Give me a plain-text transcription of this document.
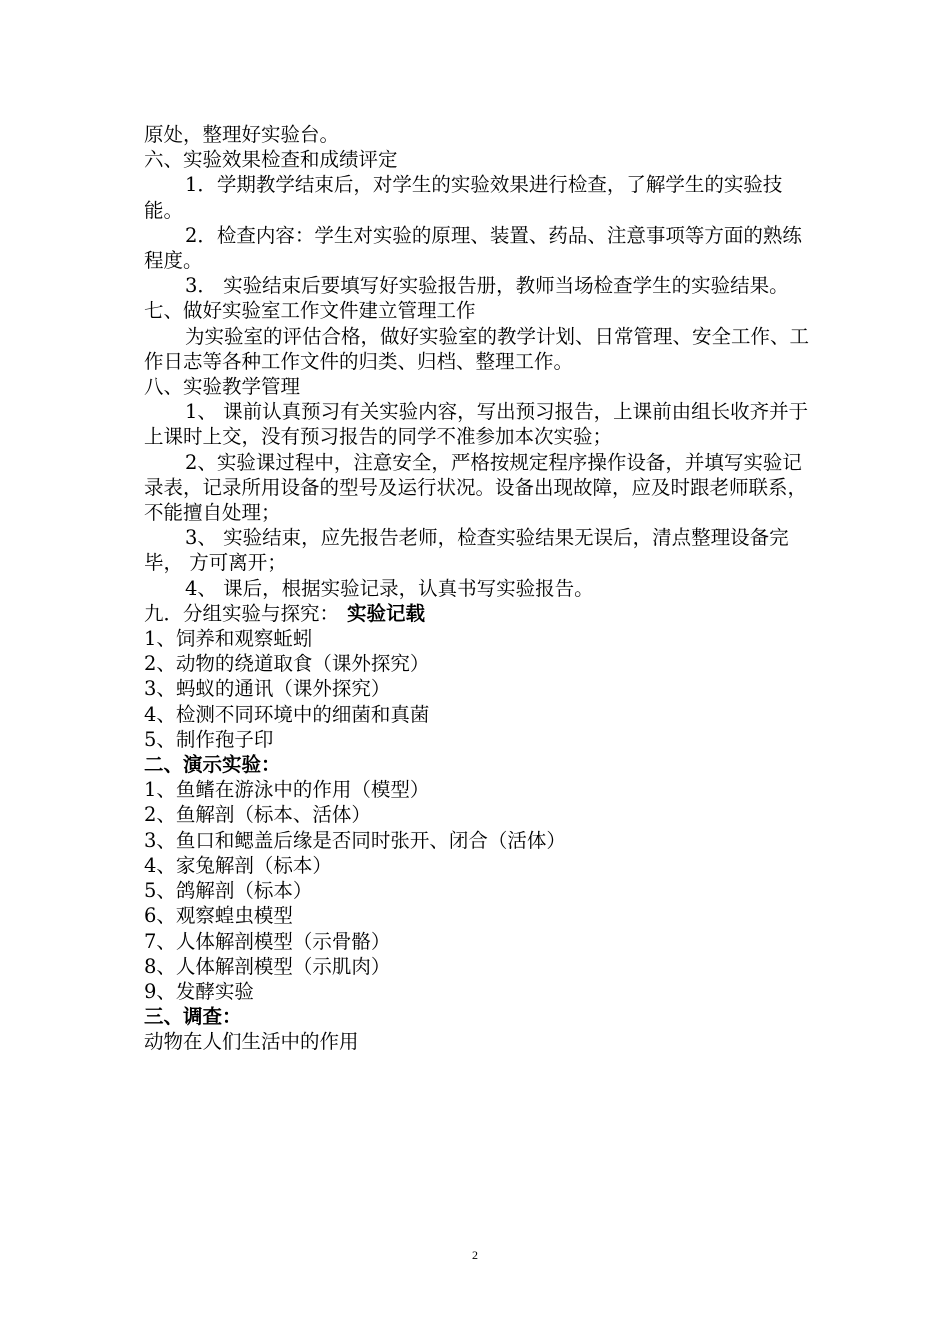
原处，整理好实验台。

六、实验效果检查和成绩评定

1．学期教学结束后，对学生的实验效果进行检查，了解学生的实验技能。

2．检查内容：学生对实验的原理、装置、药品、注意事项等方面的熟练程度。

3． 实验结束后要填写好实验报告册，教师当场检查学生的实验结果。

七、做好实验室工作文件建立管理工作

为实验室的评估合格，做好实验室的教学计划、日常管理、安全工作、工作日志等各种工作文件的归类、归档、整理工作。

八、实验教学管理

1、 课前认真预习有关实验内容，写出预习报告，上课前由组长收齐并于上课时上交，没有预习报告的同学不准参加本次实验；

2、实验课过程中，注意安全，严格按规定程序操作设备，并填写实验记录表，记录所用设备的型号及运行状况。设备出现故障，应及时跟老师联系，不能擅自处理；

3、 实验结束，应先报告老师，检查实验结果无误后，清点整理设备完毕， 方可离开；

4、 课后，根据实验记录，认真书写实验报告。

九．分组实验与探究： 实验记载

1、饲养和观察蚯蚓

2、动物的绕道取食（课外探究）

3、蚂蚁的通讯（课外探究）

4、检测不同环境中的细菌和真菌

5、制作孢子印

二、演示实验：

1、鱼鳍在游泳中的作用（模型）

2、鱼解剖（标本、活体）

3、鱼口和鳃盖后缘是否同时张开、闭合（活体）

4、家兔解剖（标本）

5、鸽解剖（标本）

6、观察蝗虫模型

7、人体解剖模型（示骨骼）

8、人体解剖模型（示肌肉）

9、发酵实验

三、调查：

动物在人们生活中的作用

2
